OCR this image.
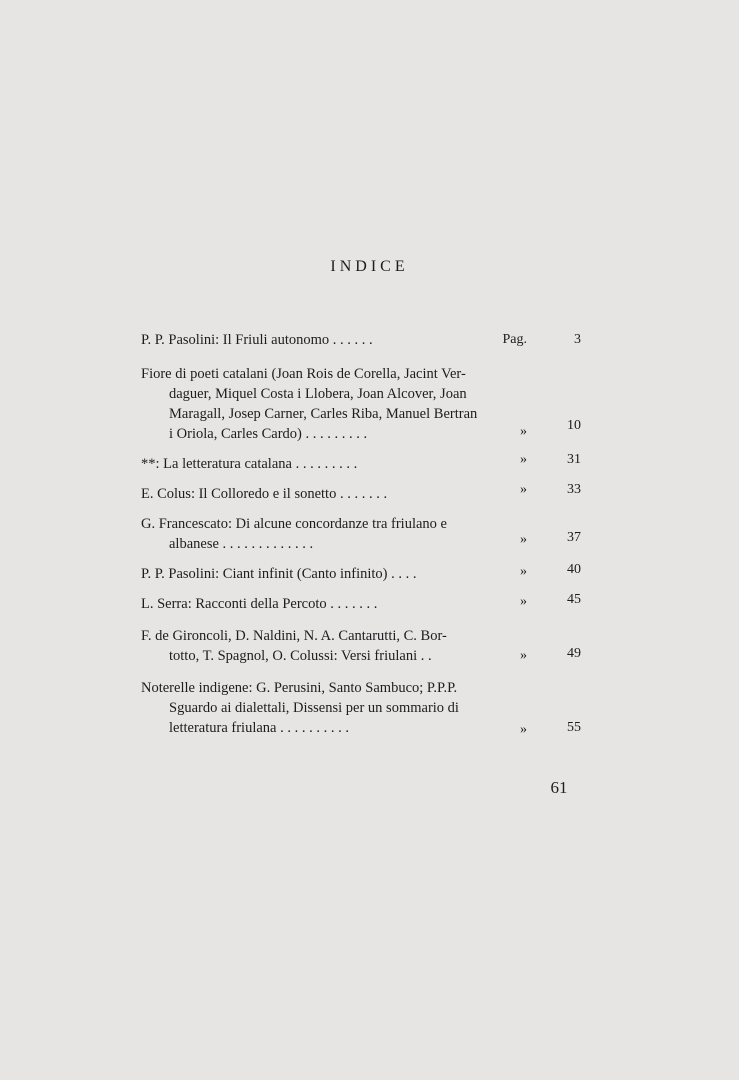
INDICE
P. P. Pasolini: Il Friuli autonomo . . . . . .	Pag.	3
Fiore di poeti catalani (Joan Rois de Corella, Jacint Ver-
daguer, Miquel Costa i Llobera, Joan Alcover, Joan
Maragall, Josep Carner, Carles Riba, Manuel Bertran
i Oriola, Carles Cardo) . . . . . . . . .	»	10
**: La letteratura catalana . . . . . . . . .	»	31
E. Colus: Il Colloredo e il sonetto . . . . . . .	»	33
G. Francescato: Di alcune concordanze tra friulano e
albanese . . . . . . . . . . . . .	»	37
P. P. Pasolini: Ciant infinit (Canto infinito) . . . .	»	40
L. Serra: Racconti della Percoto . . . . . . .	»	45
F. de Gironcoli, D. Naldini, N. A. Cantarutti, C. Bor-
totto, T. Spagnol, O. Colussi: Versi friulani . .	»	49
Noterelle indigene: G. Perusini, Santo Sambuco; P.P.P.
Sguardo ai dialettali, Dissensi per un sommario di
letteratura friulana . . . . . . . . . .	»	55
61
